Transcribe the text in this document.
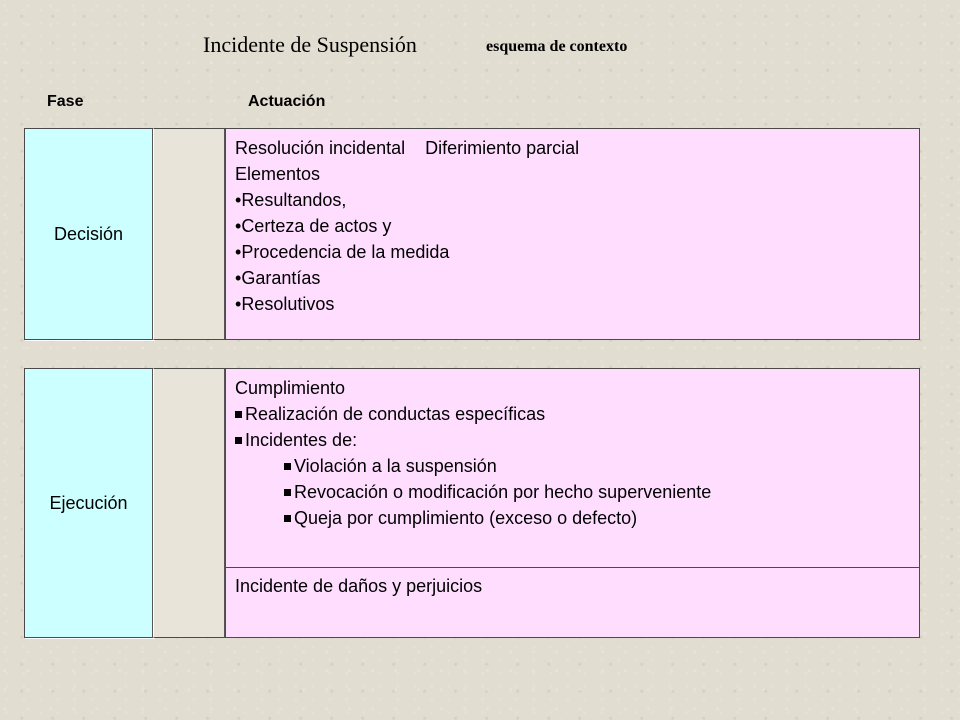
Incidente de Suspensión	esquema de contexto
Fase	Actuación
Decisión
Resolución incidental    Diferimiento parcial
Elementos
• Resultandos,
• Certeza de actos y
• Procedencia de la medida
• Garantías
• Resolutivos
Ejecución
Cumplimiento
Realización de conductas específicas
Incidentes de:
Violación a la suspensión
Revocación o modificación por hecho superveniente
Queja por cumplimiento (exceso o defecto)
Incidente de daños y perjuicios
